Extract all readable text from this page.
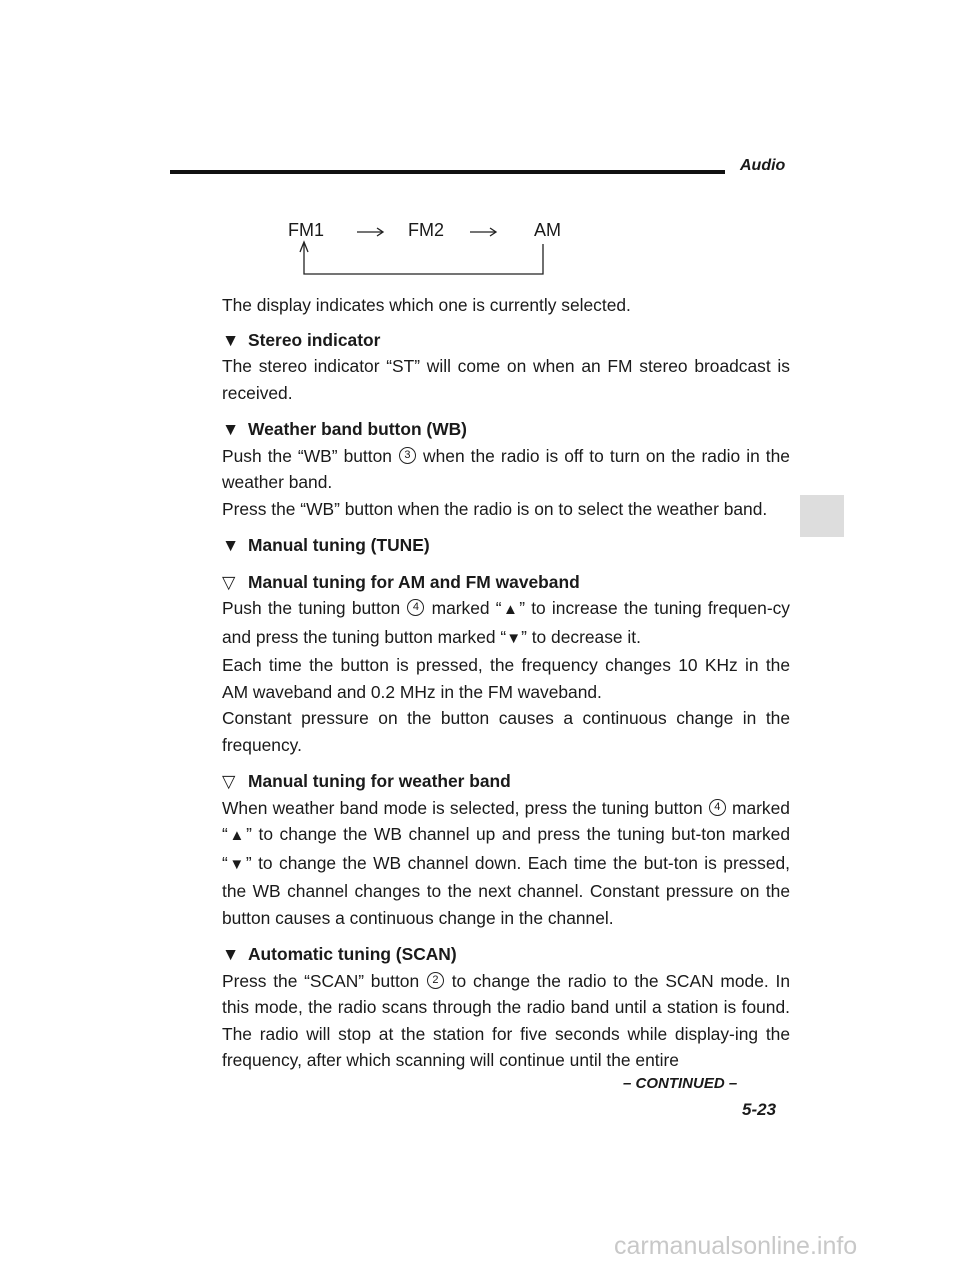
Audio
FM1	FM2	AM

The display indicates which one is currently selected.

▼ Stereo indicator

The stereo indicator “ST” will come on when an FM stereo broadcast is received.

▼ Weather band button (WB)

Push the “WB” button 3 when the radio is off to turn on the radio in the weather band.

Press the “WB” button when the radio is on to select the weather band.

▼ Manual tuning (TUNE)
▽ Manual tuning for AM and FM waveband

Push the tuning button 4 marked “▲” to increase the tuning frequen-cy and press the tuning button marked “▼” to decrease it.

Each time the button is pressed, the frequency changes 10 KHz in the AM waveband and 0.2 MHz in the FM waveband.

Constant pressure on the button causes a continuous change in the frequency.

▽ Manual tuning for weather band

When weather band mode is selected, press the tuning button 4 marked “▲” to change the WB channel up and press the tuning but-ton marked “▼” to change the WB channel down. Each time the but-ton is pressed, the WB channel changes to the next channel. Constant pressure on the button causes a continuous change in the channel.

▼ Automatic tuning (SCAN)

Press the “SCAN” button 2 to change the radio to the SCAN mode. In this mode, the radio scans through the radio band until a station is found. The radio will stop at the station for five seconds while display-ing the frequency, after which scanning will continue until the entire

– CONTINUED –
5-23
carmanualsonline.info
